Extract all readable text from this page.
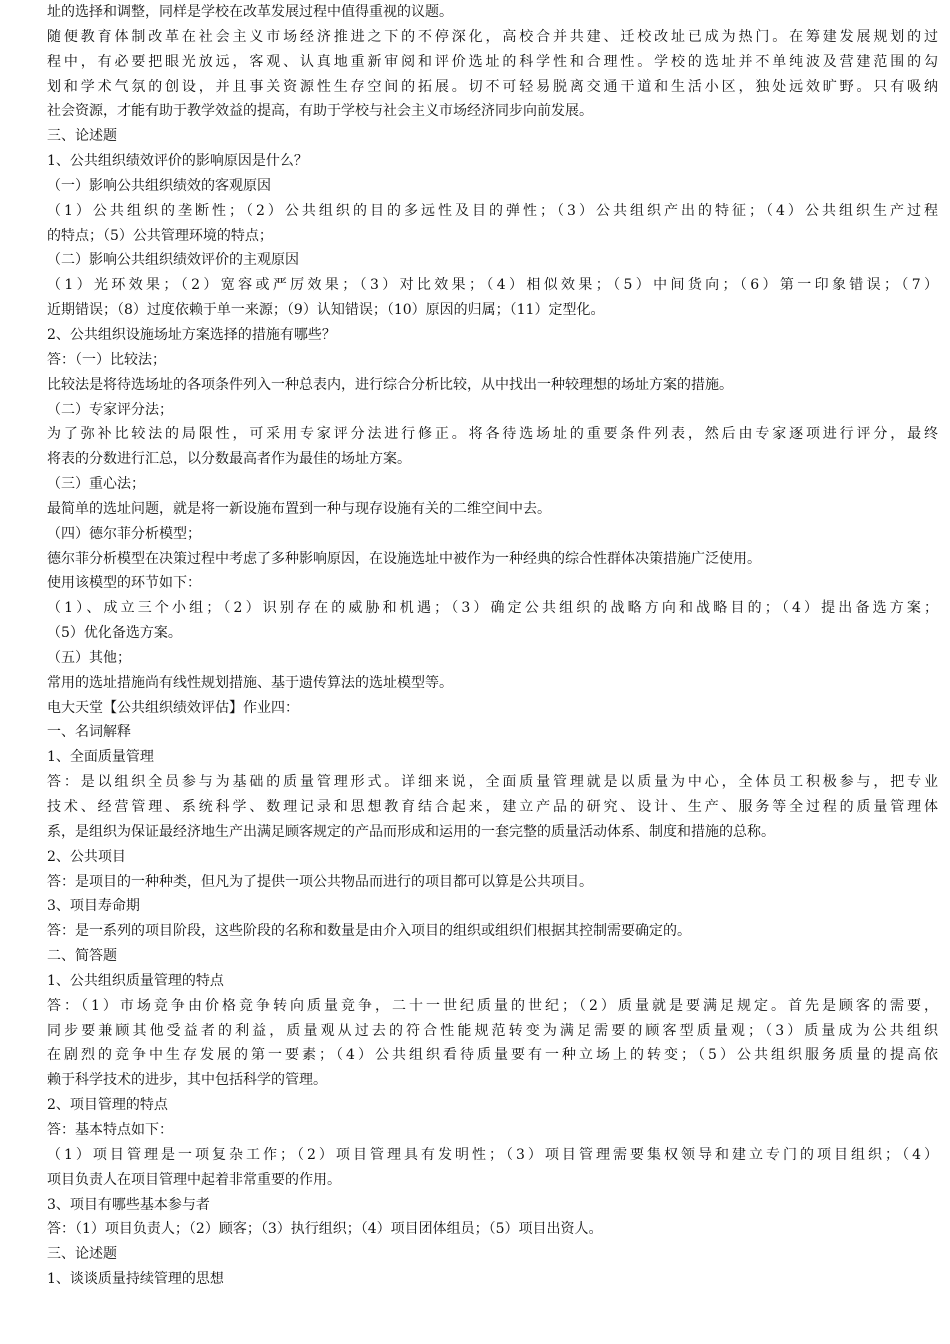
址的选择和调整，同样是学校在改革发展过程中值得重视的议题。
随便教育体制改革在社会主义市场经济推进之下的不停深化，高校合并共建、迁校改址已成为热门。在筹建发展规划的过
程中，有必要把眼光放远，客观、认真地重新审阅和评价选址的科学性和合理性。学校的选址并不单纯波及营建范围的勾
划和学术气氛的创设，并且事关资源性生存空间的拓展。切不可轻易脱离交通干道和生活小区，独处远效旷野。只有吸纳
社会资源，才能有助于教学效益的提高，有助于学校与社会主义市场经济同步向前发展。
三、论述题
1、公共组织绩效评价的影响原因是什么？
（一）影响公共组织绩效的客观原因
（1）公共组织的垄断性；（2）公共组织的目的多远性及目的弹性；（3）公共组织产出的特征；（4）公共组织生产过程
的特点；（5）公共管理环境的特点；
（二）影响公共组织绩效评价的主观原因
（1）光环效果；（2）宽容或严厉效果；（3）对比效果；（4）相似效果；（5）中间货向；（6）第一印象错误；（7）
近期错误；（8）过度依赖于单一来源；（9）认知错误；（10）原因的归属；（11）定型化。
2、公共组织设施场址方案选择的措施有哪些？
答：（一）比较法；
比较法是将待选场址的各项条件列入一种总表内，进行综合分析比较，从中找出一种较理想的场址方案的措施。
（二）专家评分法；
为了弥补比较法的局限性，可采用专家评分法进行修正。将各待选场址的重要条件列表，然后由专家逐项进行评分，最终
将表的分数进行汇总，以分数最高者作为最佳的场址方案。
（三）重心法；
最简单的选址问题，就是将一新设施布置到一种与现存设施有关的二维空间中去。
（四）德尔菲分析模型；
德尔菲分析模型在决策过程中考虑了多种影响原因，在设施选址中被作为一种经典的综合性群体决策措施广泛使用。
使用该模型的环节如下：
（1）、成立三个小组；（2）识别存在的威胁和机遇；（3）确定公共组织的战略方向和战略目的；（4）提出备选方案；
（5）优化备选方案。
（五）其他；
常用的选址措施尚有线性规划措施、基于遗传算法的选址模型等。
电大天堂【公共组织绩效评估】作业四：
一、名词解释
1、全面质量管理
答：是以组织全员参与为基础的质量管理形式。详细来说，全面质量管理就是以质量为中心，全体员工积极参与，把专业
技术、经营管理、系统科学、数理记录和思想教育结合起来，建立产品的研究、设计、生产、服务等全过程的质量管理体
系，是组织为保证最经济地生产出满足顾客规定的产品而形成和运用的一套完整的质量活动体系、制度和措施的总称。
2、公共项目
答：是项目的一种种类，但凡为了提供一项公共物品而进行的项目都可以算是公共项目。
3、项目寿命期
答：是一系列的项目阶段，这些阶段的名称和数量是由介入项目的组织或组织们根据其控制需要确定的。
二、简答题
1、公共组织质量管理的特点
答：（1）市场竞争由价格竞争转向质量竞争，二十一世纪质量的世纪；（2）质量就是要满足规定。首先是顾客的需要，
同步要兼顾其他受益者的利益，质量观从过去的符合性能规范转变为满足需要的顾客型质量观；（3）质量成为公共组织
在剧烈的竞争中生存发展的第一要素；（4）公共组织看待质量要有一种立场上的转变；（5）公共组织服务质量的提高依
赖于科学技术的进步，其中包括科学的管理。
2、项目管理的特点
答：基本特点如下：
（1）项目管理是一项复杂工作；（2）项目管理具有发明性；（3）项目管理需要集权领导和建立专门的项目组织；（4）
项目负责人在项目管理中起着非常重要的作用。
3、项目有哪些基本参与者
答：（1）项目负责人；（2）顾客；（3）执行组织；（4）项目团体组员；（5）项目出资人。
三、论述题
1、谈谈质量持续管理的思想
